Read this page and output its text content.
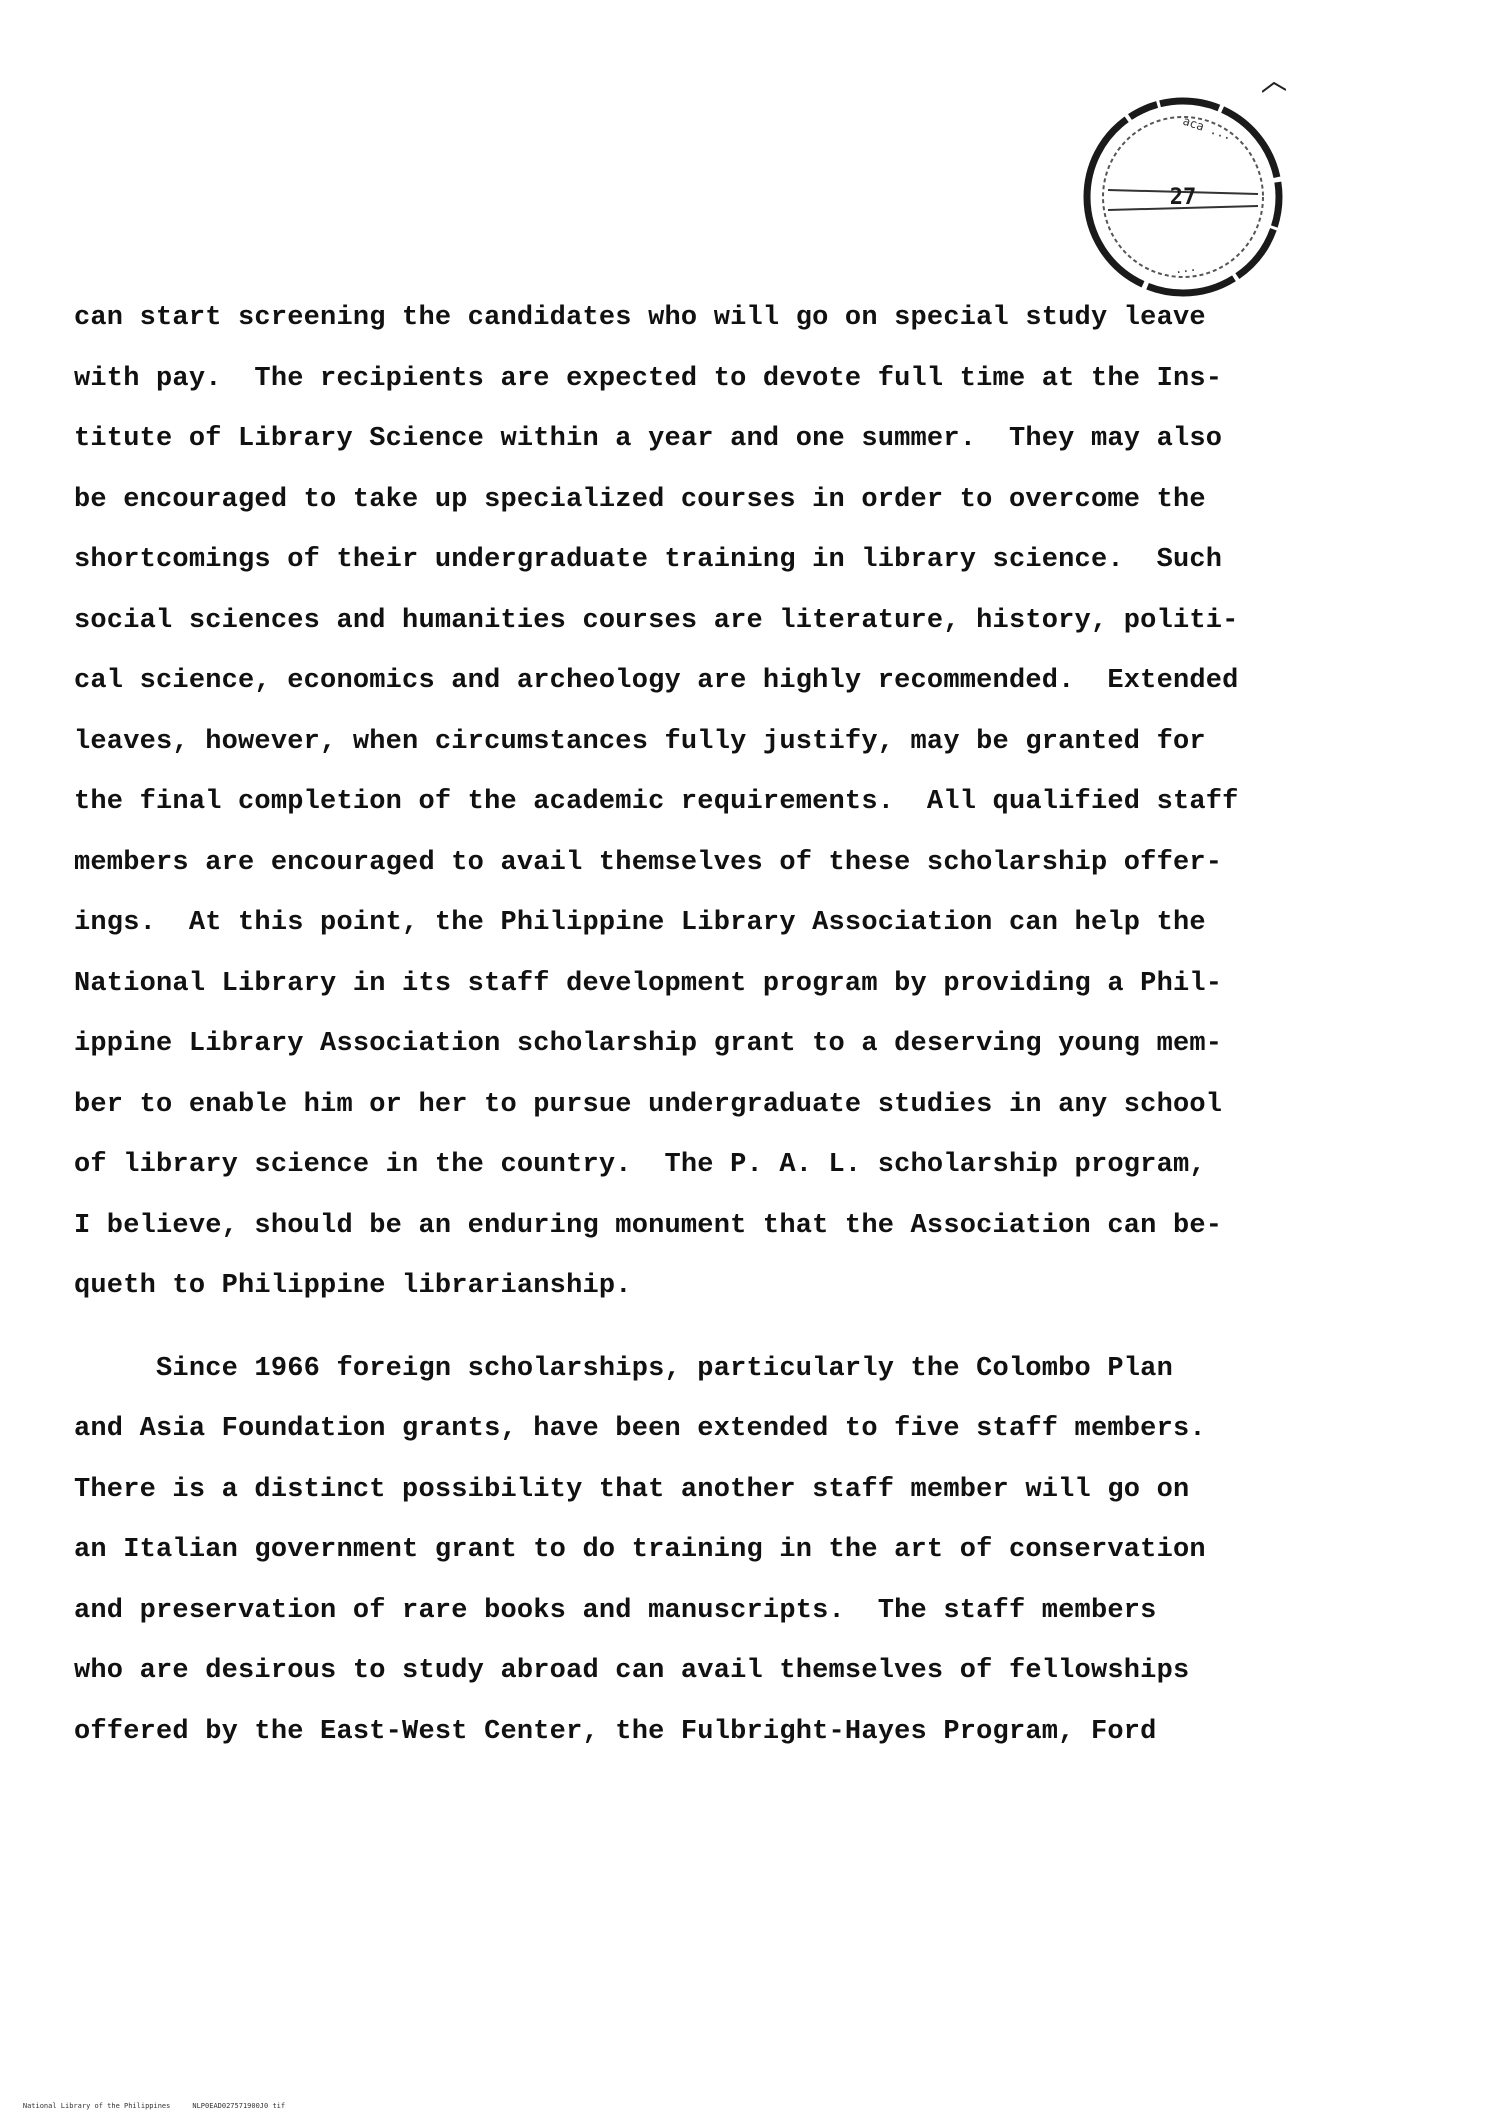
27
аса ...
...
can start screening the candidates who will go on special study leave
with pay.  The recipients are expected to devote full time at the Ins-
titute of Library Science within a year and one summer.  They may also
be encouraged to take up specialized courses in order to overcome the
shortcomings of their undergraduate training in library science.  Such
social sciences and humanities courses are literature, history, politi-
cal science, economics and archeology are highly recommended.  Extended
leaves, however, when circumstances fully justify, may be granted for
the final completion of the academic requirements.  All qualified staff
members are encouraged to avail themselves of these scholarship offer-
ings.  At this point, the Philippine Library Association can help the
National Library in its staff development program by providing a Phil-
ippine Library Association scholarship grant to a deserving young mem-
ber to enable him or her to pursue undergraduate studies in any school
of library science in the country.  The P. A. L. scholarship program,
I believe, should be an enduring monument that the Association can be-
queth to Philippine librarianship.
Since 1966 foreign scholarships, particularly the Colombo Plan
and Asia Foundation grants, have been extended to five staff members.
There is a distinct possibility that another staff member will go on
an Italian government grant to do training in the art of conservation
and preservation of rare books and manuscripts.  The staff members
who are desirous to study abroad can avail themselves of fellowships
offered by the East-West Center, the Fulbright-Hayes Program, Ford

National Library of the Philippines	NLP0EAD027571900J0 tif
